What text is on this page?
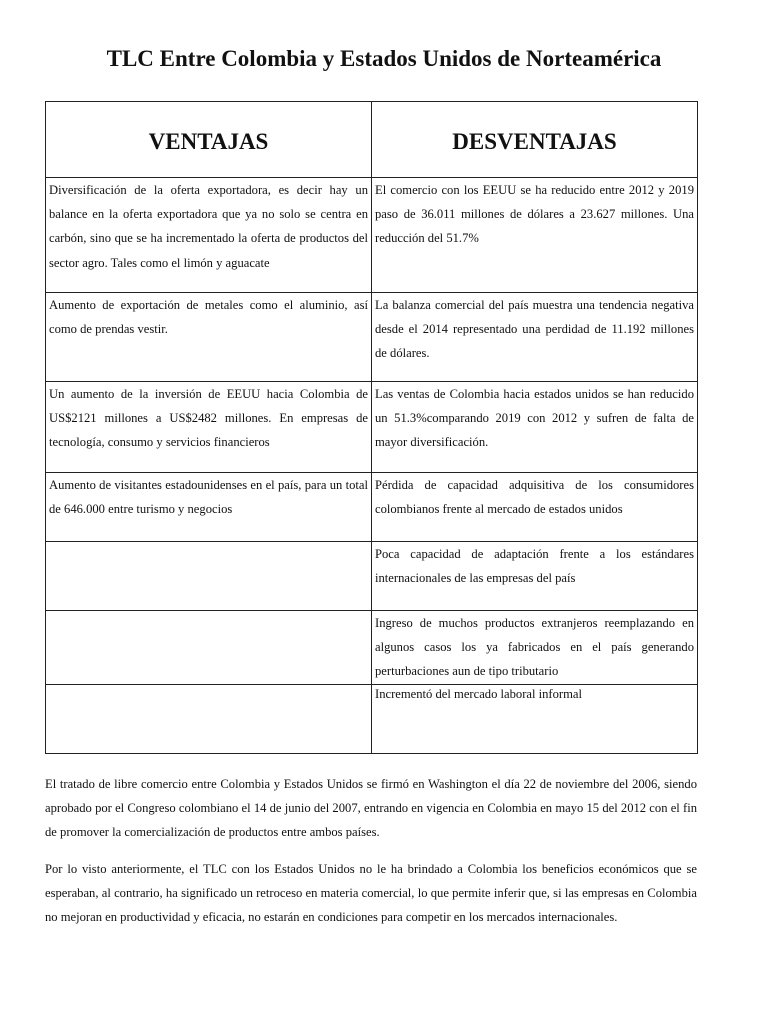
TLC Entre Colombia y Estados Unidos de Norteamérica
VENTAJAS	DESVENTAJAS

Diversificación de la oferta exportadora, es decir hay un balance en la oferta exportadora que ya no solo se centra en carbón, sino que se ha incrementado la oferta de productos del sector agro. Tales como el limón y aguacate	El comercio con los EEUU se ha reducido entre 2012 y 2019 paso de 36.011 millones de dólares a 23.627 millones. Una reducción del 51.7%

Aumento de exportación de metales como el aluminio, así como de prendas vestir.	La balanza comercial del país muestra una tendencia negativa desde el 2014 representado una perdidad de 11.192 millones de dólares.

Un aumento de la inversión de EEUU hacia Colombia de US$2121 millones a US$2482 millones. En empresas de tecnología, consumo y servicios financieros	Las ventas de Colombia hacia estados unidos se han reducido un 51.3%comparando 2019 con 2012 y sufren de falta de mayor diversificación.

Aumento de visitantes estadounidenses en el país, para un total de 646.000 entre turismo y negocios	Pérdida de capacidad adquisitiva de los consumidores colombianos frente al mercado de estados unidos

	Poca capacidad de adaptación frente a los estándares internacionales de las empresas del país

	Ingreso de muchos productos extranjeros reemplazando en algunos casos los ya fabricados en el país generando perturbaciones aun de tipo tributario

	Incrementó del mercado laboral informal

El tratado de libre comercio entre Colombia y Estados Unidos se firmó en Washington el día 22 de noviembre del 2006, siendo aprobado por el Congreso colombiano el 14 de junio del 2007, entrando en vigencia en Colombia en mayo 15 del 2012 con el fin de promover la comercialización de productos entre ambos países.

Por lo visto anteriormente, el TLC con los Estados Unidos no le ha brindado a Colombia los beneficios económicos que se esperaban, al contrario, ha significado un retroceso en materia comercial, lo que permite inferir que, si las empresas en Colombia no mejoran en productividad y eficacia, no estarán en condiciones para competir en los mercados internacionales.
